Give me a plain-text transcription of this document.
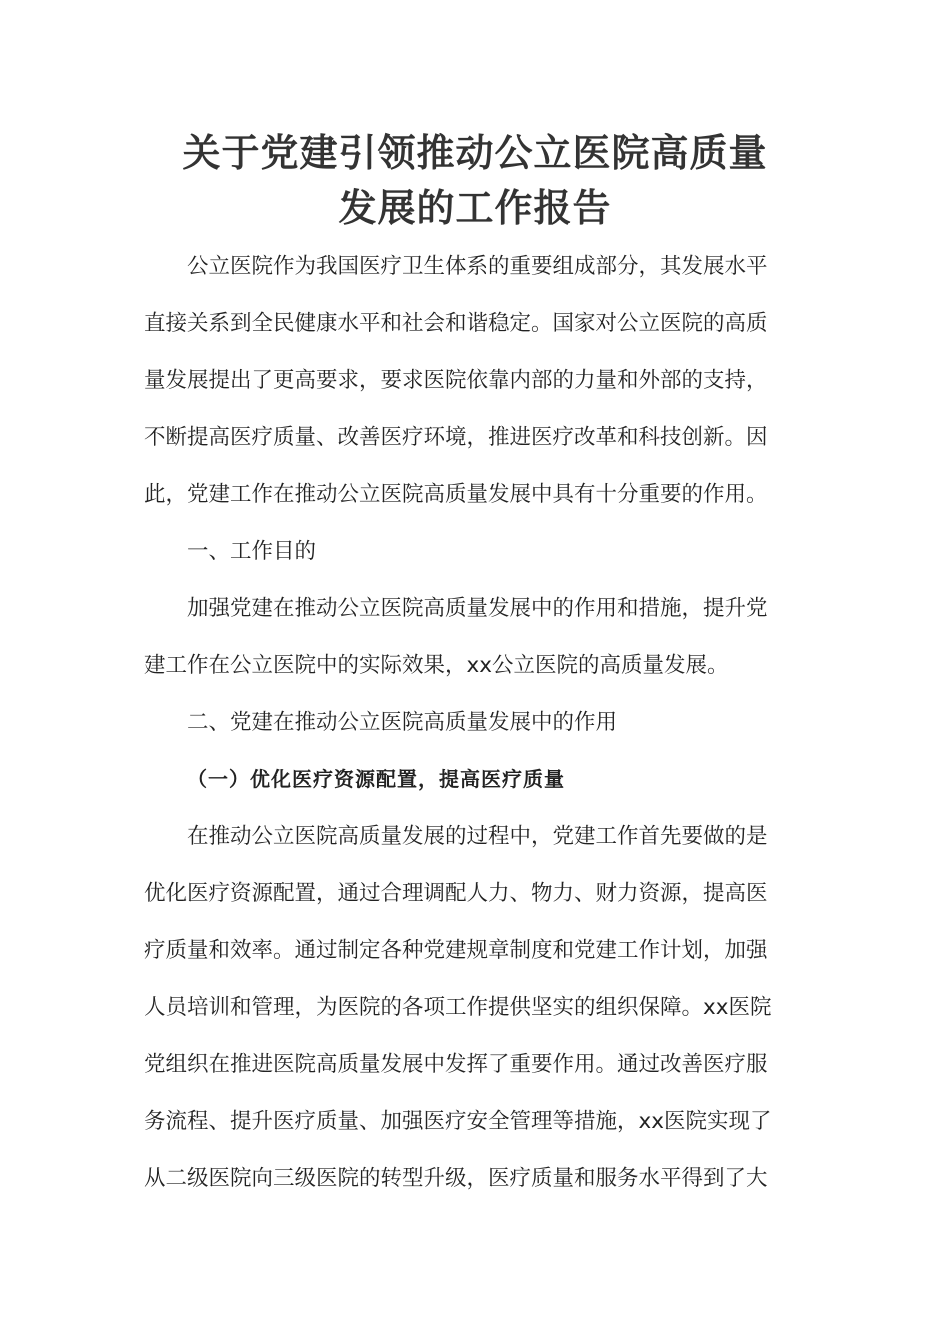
关于党建引领推动公立医院高质量
发展的工作报告
公立医院作为我国医疗卫生体系的重要组成部分，其发展水平
直接关系到全民健康水平和社会和谐稳定。国家对公立医院的高质
量发展提出了更高要求，要求医院依靠内部的力量和外部的支持，
不断提高医疗质量、改善医疗环境，推进医疗改革和科技创新。因
此，党建工作在推动公立医院高质量发展中具有十分重要的作用。
一、工作目的
加强党建在推动公立医院高质量发展中的作用和措施，提升党
建工作在公立医院中的实际效果，xx公立医院的高质量发展。
二、党建在推动公立医院高质量发展中的作用
（一）优化医疗资源配置，提高医疗质量
在推动公立医院高质量发展的过程中，党建工作首先要做的是
优化医疗资源配置，通过合理调配人力、物力、财力资源，提高医
疗质量和效率。通过制定各种党建规章制度和党建工作计划，加强
人员培训和管理，为医院的各项工作提供坚实的组织保障。xx医院
党组织在推进医院高质量发展中发挥了重要作用。通过改善医疗服
务流程、提升医疗质量、加强医疗安全管理等措施，xx医院实现了
从二级医院向三级医院的转型升级，医疗质量和服务水平得到了大
